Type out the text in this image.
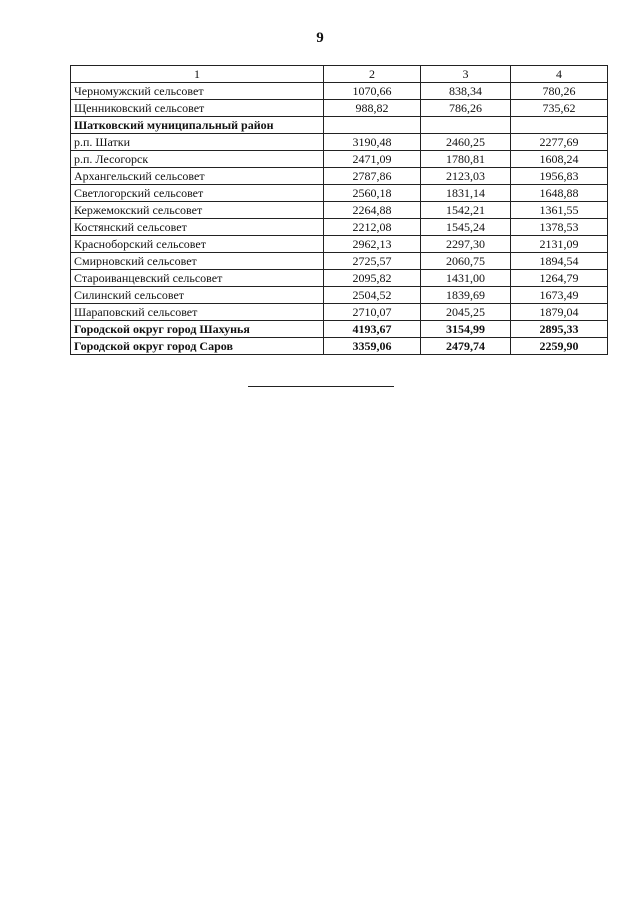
9
1	2	3	4
Черномужский сельсовет	1070,66	838,34	780,26
Щенниковский сельсовет	988,82	786,26	735,62
Шатковский муниципальный район			
р.п. Шатки	3190,48	2460,25	2277,69
р.п. Лесогорск	2471,09	1780,81	1608,24
Архангельский сельсовет	2787,86	2123,03	1956,83
Светлогорский сельсовет	2560,18	1831,14	1648,88
Кержемокский сельсовет	2264,88	1542,21	1361,55
Костянский сельсовет	2212,08	1545,24	1378,53
Красноборский сельсовет	2962,13	2297,30	2131,09
Смирновский сельсовет	2725,57	2060,75	1894,54
Староиванцевский сельсовет	2095,82	1431,00	1264,79
Силинский сельсовет	2504,52	1839,69	1673,49
Шараповский сельсовет	2710,07	2045,25	1879,04
Городской округ город Шахунья	4193,67	3154,99	2895,33
Городской округ город Саров	3359,06	2479,74	2259,90
